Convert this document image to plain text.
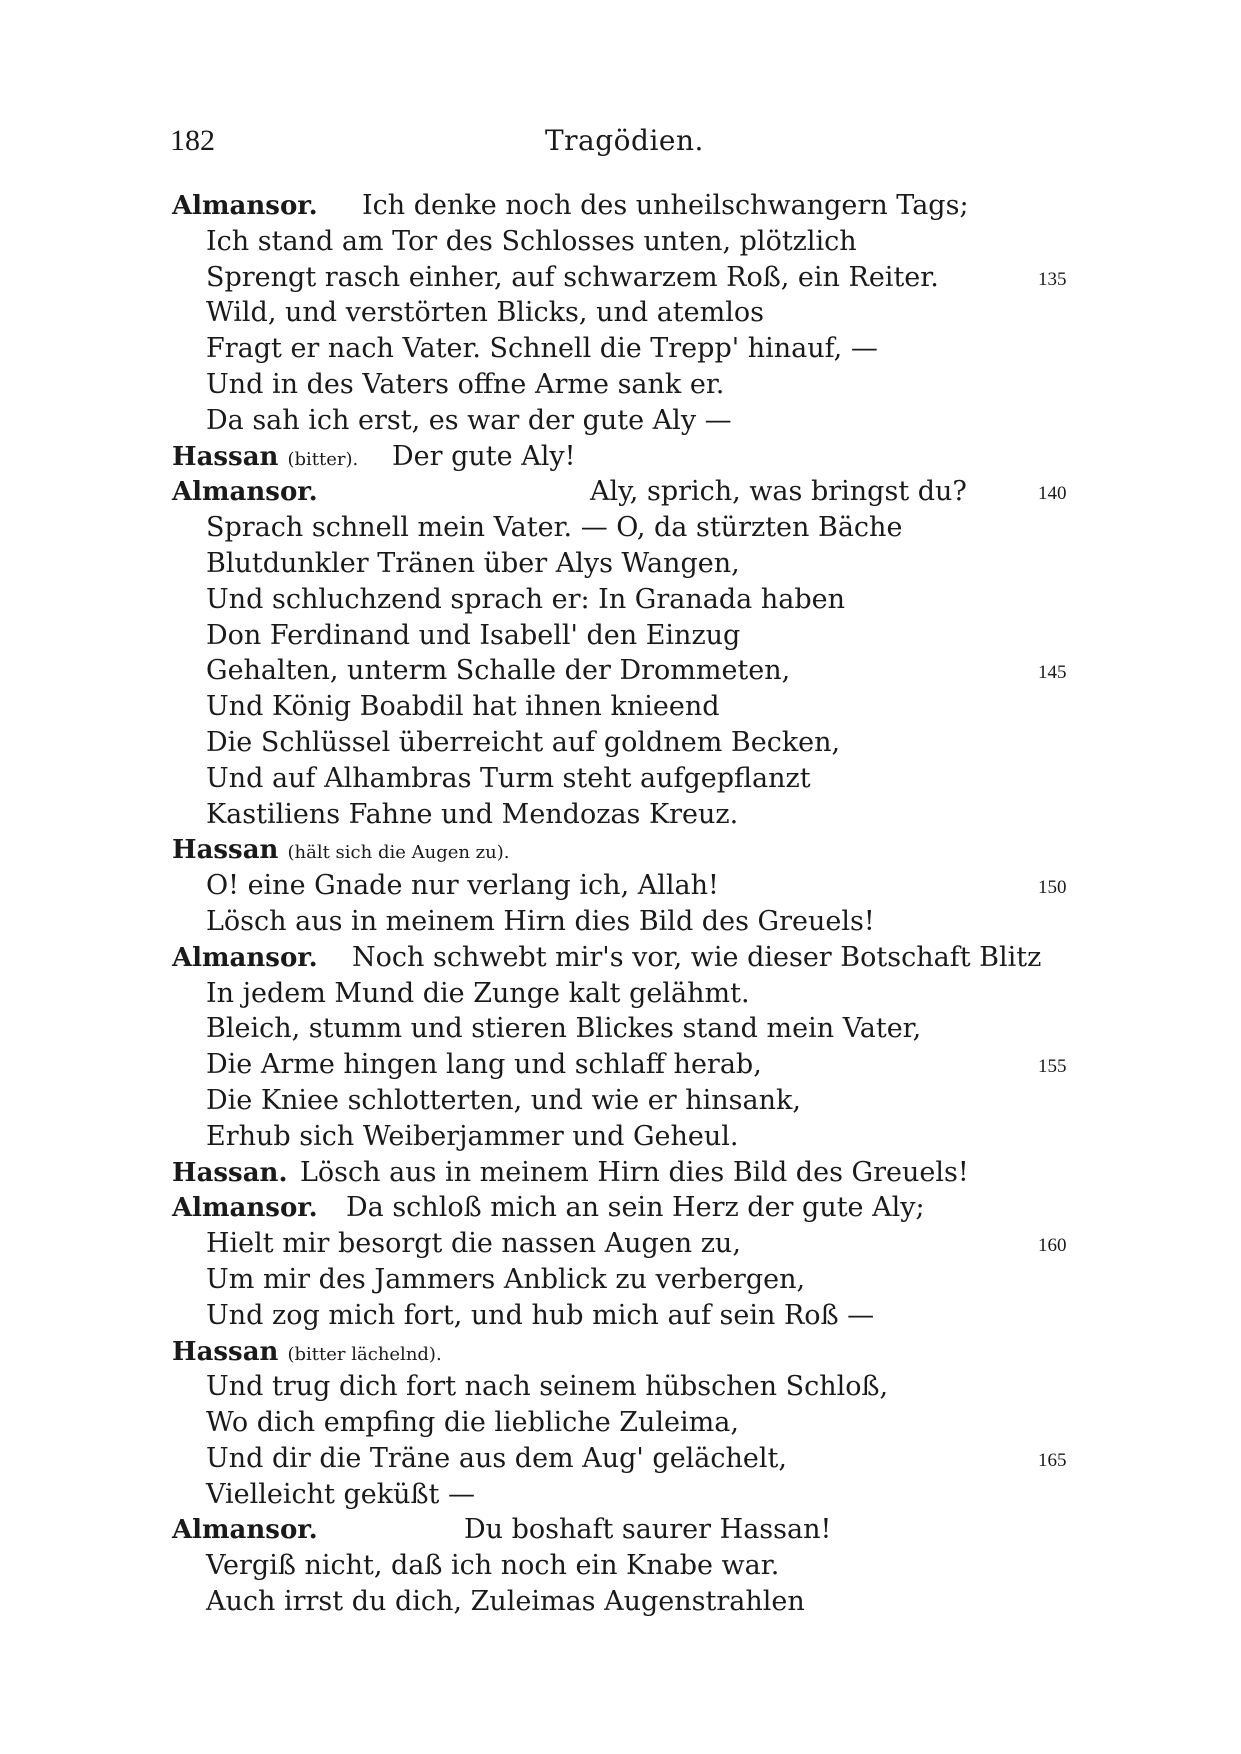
182	Tragödien.
Almansor. Ich denke noch des unheilschwangern Tags;
Ich stand am Tor des Schlosses unten, plötzlich
Sprengt rasch einher, auf schwarzem Roß, ein Reiter.	135
Wild, und verstörten Blicks, und atemlos
Fragt er nach Vater. Schnell die Trepp' hinauf, —
Und in des Vaters offne Arme sank er.
Da sah ich erst, es war der gute Aly —
Hassan (bitter). Der gute Aly!
Almansor.	Aly, sprich, was bringst du?	140
Sprach schnell mein Vater. — O, da stürzten Bäche
Blutdunkler Tränen über Alys Wangen,
Und schluchzend sprach er: In Granada haben
Don Ferdinand und Isabell' den Einzug
Gehalten, unterm Schalle der Drommeten,	145
Und König Boabdil hat ihnen knieend
Die Schlüssel überreicht auf goldnem Becken,
Und auf Alhambras Turm steht aufgepflanzt
Kastiliens Fahne und Mendozas Kreuz.
Hassan (hält sich die Augen zu).
O! eine Gnade nur verlang ich, Allah!	150
Lösch aus in meinem Hirn dies Bild des Greuels!
Almansor. Noch schwebt mir's vor, wie dieser Botschaft Blitz
In jedem Mund die Zunge kalt gelähmt.
Bleich, stumm und stieren Blickes stand mein Vater,
Die Arme hingen lang und schlaff herab,	155
Die Kniee schlotterten, und wie er hinsank,
Erhub sich Weiberjammer und Geheul.
Hassan. Lösch aus in meinem Hirn dies Bild des Greuels!
Almansor. Da schloß mich an sein Herz der gute Aly;
Hielt mir besorgt die nassen Augen zu,	160
Um mir des Jammers Anblick zu verbergen,
Und zog mich fort, und hub mich auf sein Roß —
Hassan (bitter lächelnd).
Und trug dich fort nach seinem hübschen Schloß,
Wo dich empfing die liebliche Zuleima,
Und dir die Träne aus dem Aug' gelächelt,	165
Vielleicht geküßt —
Almansor.	Du boshaft saurer Hassan!
Vergiß nicht, daß ich noch ein Knabe war.
Auch irrst du dich, Zuleimas Augenstrahlen
